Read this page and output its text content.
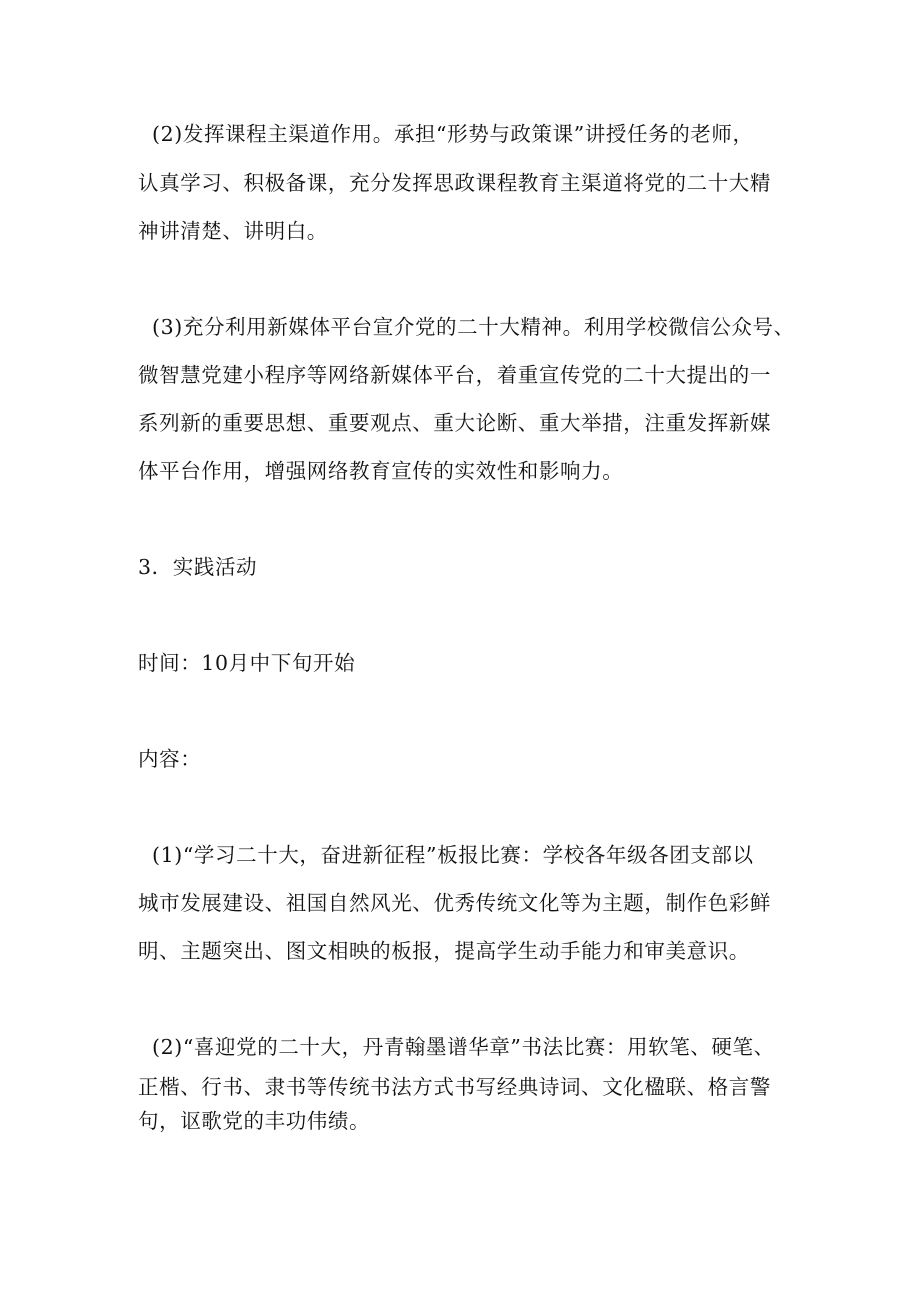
(2)发挥课程主渠道作用。承担“形势与政策课”讲授任务的老师，
认真学习、积极备课，充分发挥思政课程教育主渠道将党的二十大精
神讲清楚、讲明白。
(3)充分利用新媒体平台宣介党的二十大精神。利用学校微信公众号、
微智慧党建小程序等网络新媒体平台，着重宣传党的二十大提出的一
系列新的重要思想、重要观点、重大论断、重大举措，注重发挥新媒
体平台作用，增强网络教育宣传的实效性和影响力。
3．实践活动
时间：10月中下旬开始
内容：
(1)“学习二十大，奋进新征程”板报比赛：学校各年级各团支部以
城市发展建设、祖国自然风光、优秀传统文化等为主题，制作色彩鲜
明、主题突出、图文相映的板报，提高学生动手能力和审美意识。
(2)“喜迎党的二十大，丹青翰墨谱华章”书法比赛：用软笔、硬笔、
正楷、行书、隶书等传统书法方式书写经典诗词、文化楹联、格言警
句，讴歌党的丰功伟绩。
